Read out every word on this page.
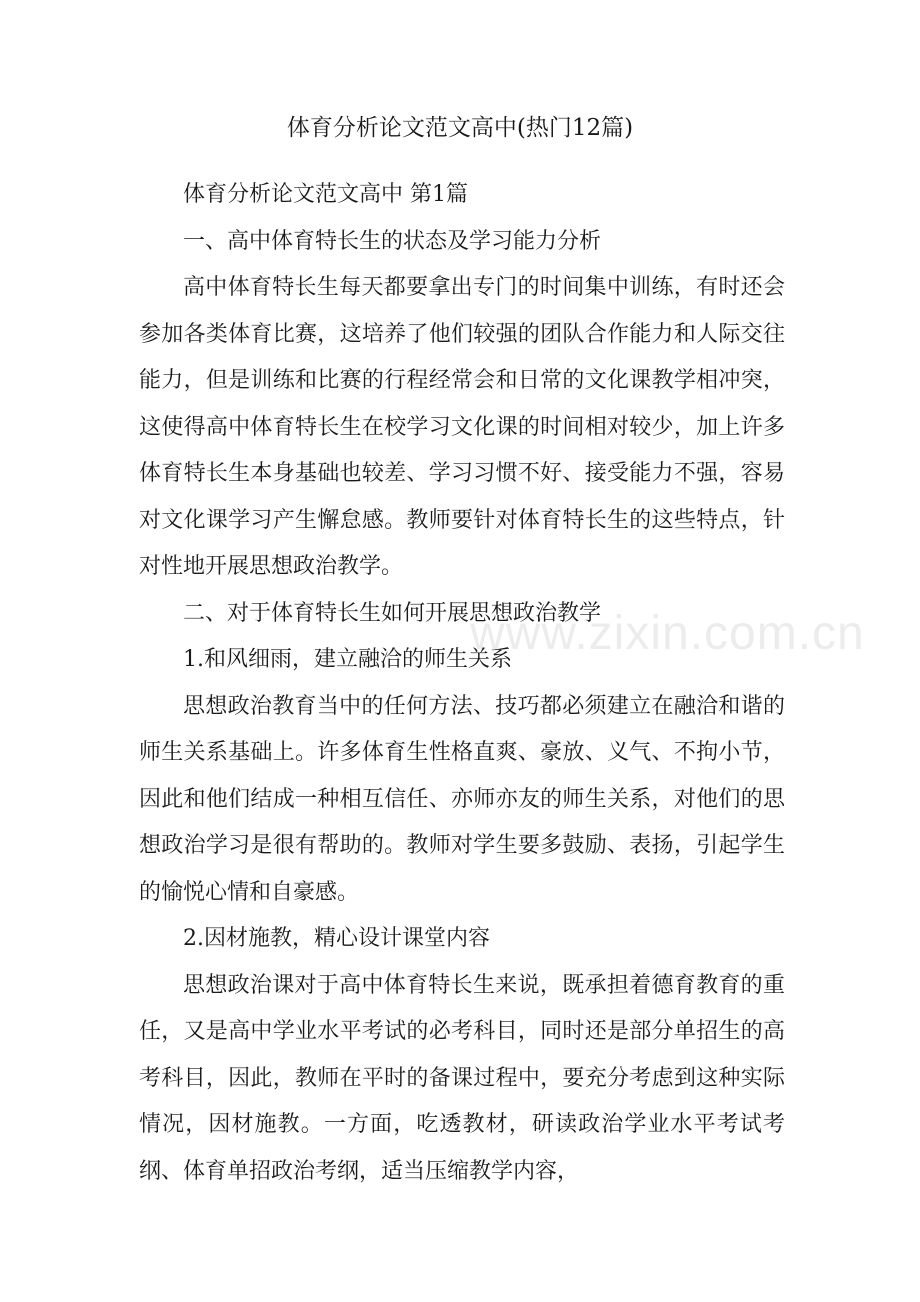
体育分析论文范文高中(热门12篇)

体育分析论文范文高中 第1篇

一、高中体育特长生的状态及学习能力分析

高中体育特长生每天都要拿出专门的时间集中训练，有时还会参加各类体育比赛，这培养了他们较强的团队合作能力和人际交往能力，但是训练和比赛的行程经常会和日常的文化课教学相冲突，这使得高中体育特长生在校学习文化课的时间相对较少，加上许多体育特长生本身基础也较差、学习习惯不好、接受能力不强，容易对文化课学习产生懈怠感。教师要针对体育特长生的这些特点，针对性地开展思想政治教学。

二、对于体育特长生如何开展思想政治教学

1.和风细雨，建立融洽的师生关系

思想政治教育当中的任何方法、技巧都必须建立在融洽和谐的师生关系基础上。许多体育生性格直爽、豪放、义气、不拘小节，因此和他们结成一种相互信任、亦师亦友的师生关系，对他们的思想政治学习是很有帮助的。教师对学生要多鼓励、表扬，引起学生的愉悦心情和自豪感。

2.因材施教，精心设计课堂内容

思想政治课对于高中体育特长生来说，既承担着德育教育的重任，又是高中学业水平考试的必考科目，同时还是部分单招生的高考科目，因此，教师在平时的备课过程中，要充分考虑到这种实际情况，因材施教。一方面，吃透教材，研读政治学业水平考试考纲、体育单招政治考纲，适当压缩教学内容，

www.zixin.com.cn
